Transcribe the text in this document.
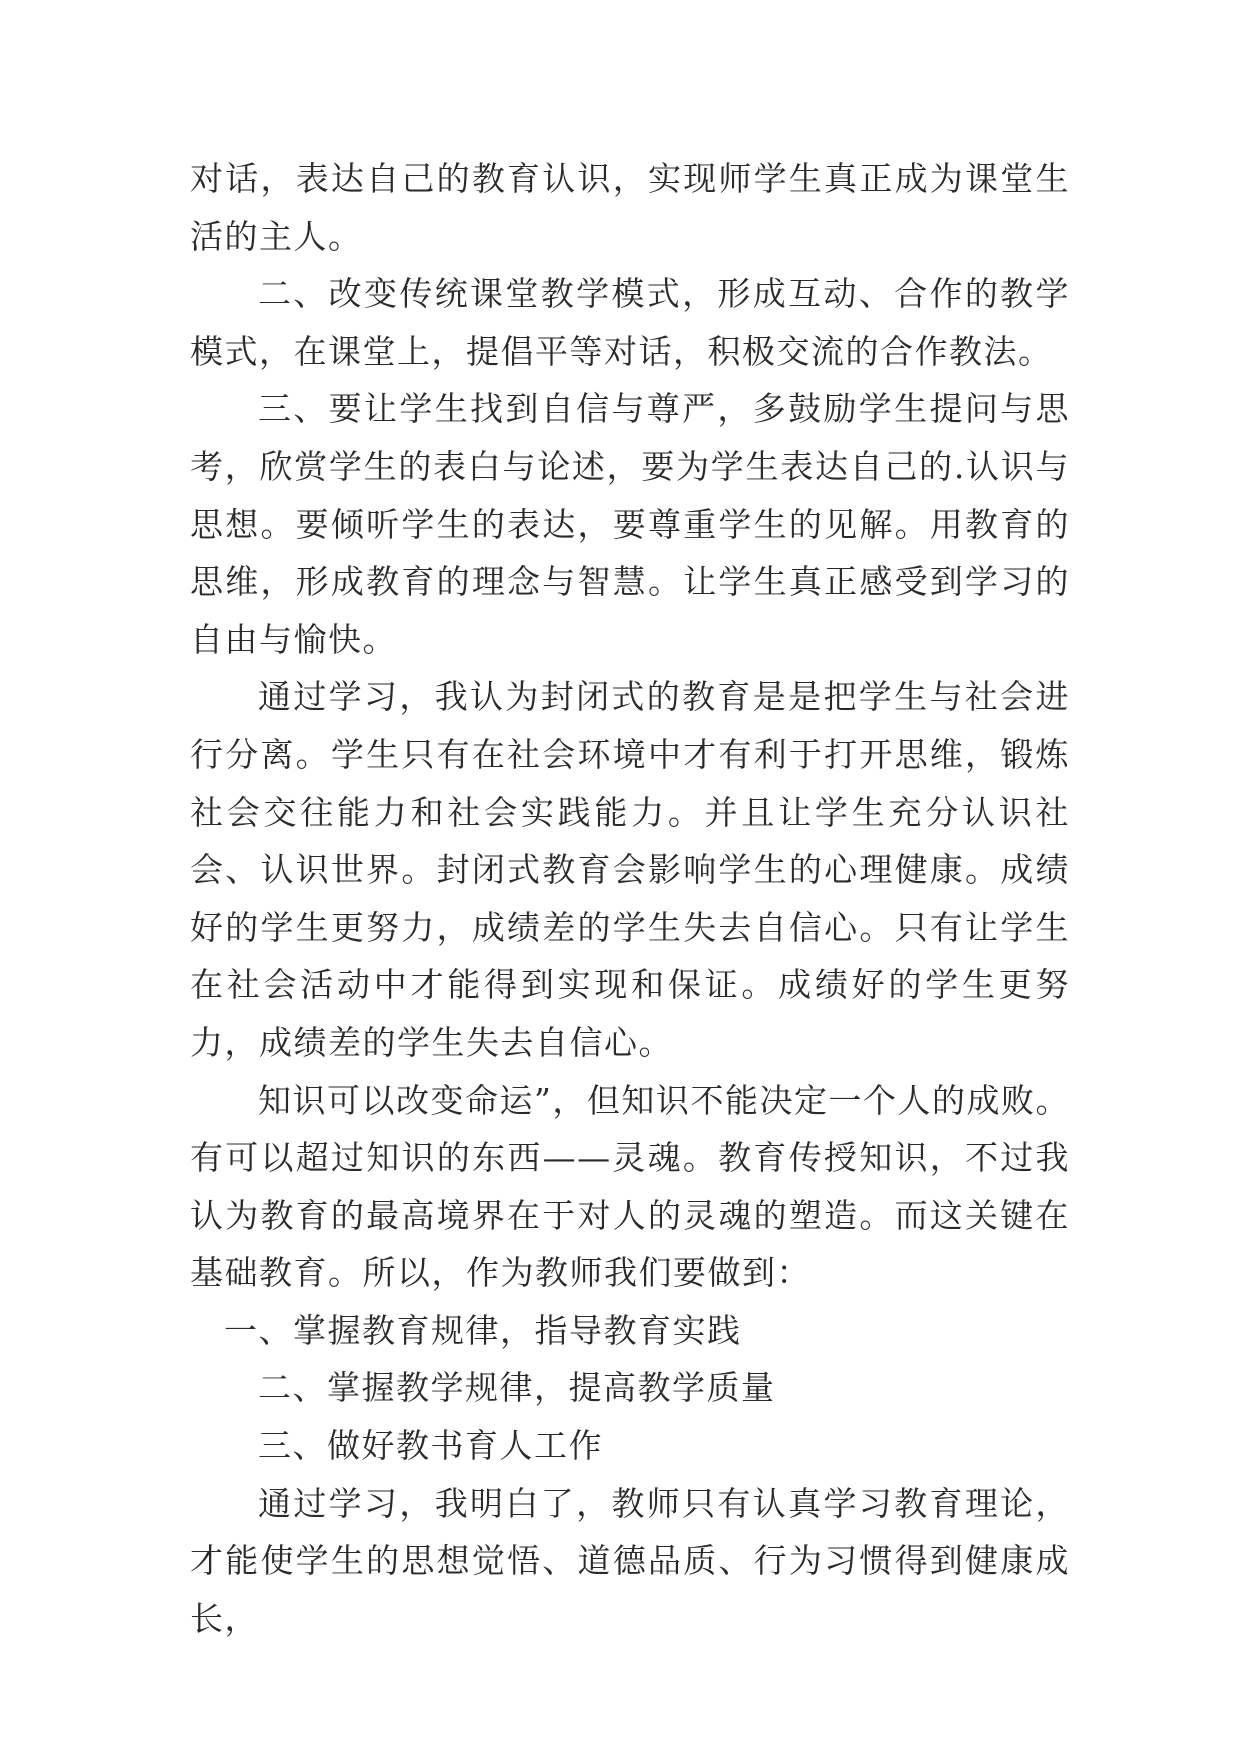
对话，表达自己的教育认识，实现师学生真正成为课堂生活的主人。

二、改变传统课堂教学模式，形成互动、合作的教学模式，在课堂上，提倡平等对话，积极交流的合作教法。

三、要让学生找到自信与尊严，多鼓励学生提问与思考，欣赏学生的表白与论述，要为学生表达自己的.认识与思想。要倾听学生的表达，要尊重学生的见解。用教育的思维，形成教育的理念与智慧。让学生真正感受到学习的自由与愉快。

通过学习，我认为封闭式的教育是是把学生与社会进行分离。学生只有在社会环境中才有利于打开思维，锻炼社会交往能力和社会实践能力。并且让学生充分认识社会、认识世界。封闭式教育会影响学生的心理健康。成绩好的学生更努力，成绩差的学生失去自信心。只有让学生在社会活动中才能得到实现和保证。成绩好的学生更努力，成绩差的学生失去自信心。

知识可以改变命运”，但知识不能决定一个人的成败。有可以超过知识的东西——灵魂。教育传授知识，不过我认为教育的最高境界在于对人的灵魂的塑造。而这关键在基础教育。所以，作为教师我们要做到：

一、掌握教育规律，指导教育实践

二、掌握教学规律，提高教学质量

三、做好教书育人工作

通过学习，我明白了，教师只有认真学习教育理论，才能使学生的思想觉悟、道德品质、行为习惯得到健康成长，
